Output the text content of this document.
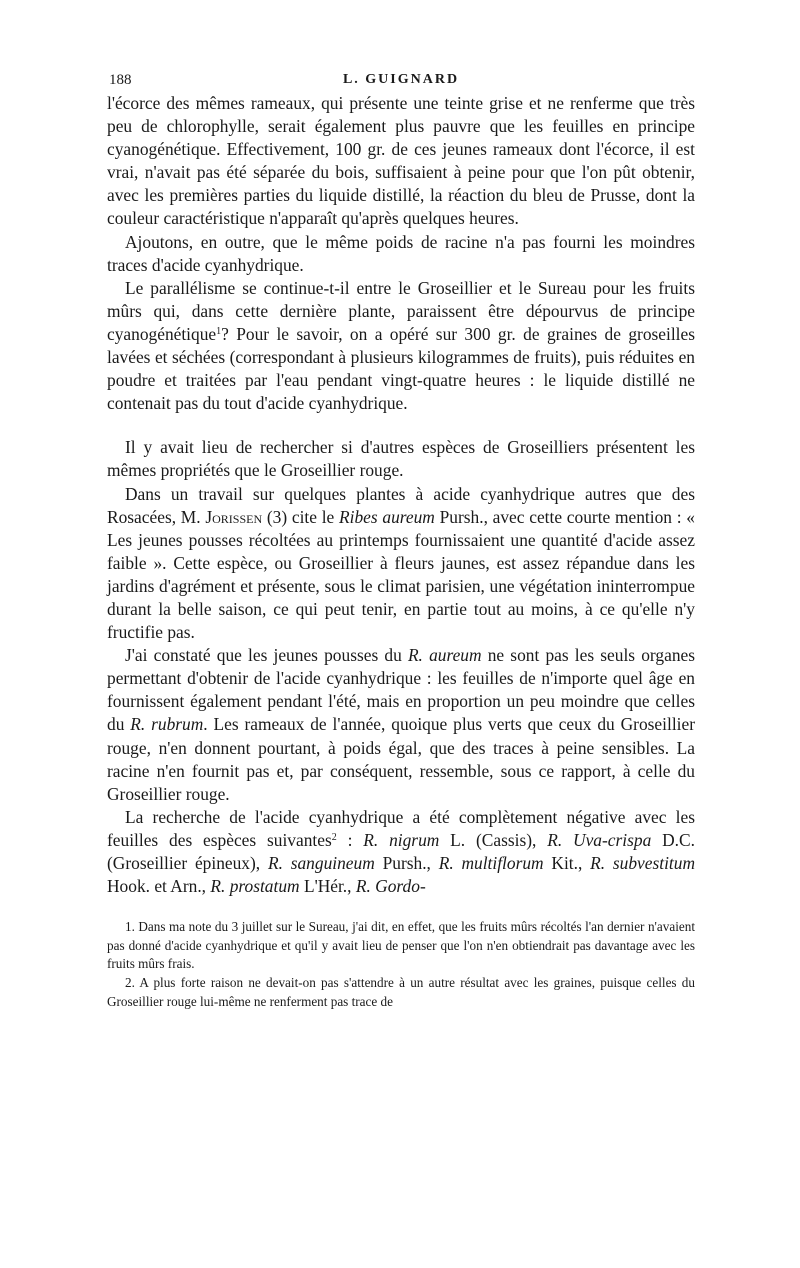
188	L. GUIGNARD

l'écorce des mêmes rameaux, qui présente une teinte grise et ne renferme que très peu de chlorophylle, serait également plus pauvre que les feuilles en principe cyanogénétique. Effectivement, 100 gr. de ces jeunes rameaux dont l'écorce, il est vrai, n'avait pas été séparée du bois, suffisaient à peine pour que l'on pût obtenir, avec les premières parties du liquide distillé, la réaction du bleu de Prusse, dont la couleur caractéristique n'apparaît qu'après quelques heures.

Ajoutons, en outre, que le même poids de racine n'a pas fourni les moindres traces d'acide cyanhydrique.

Le parallélisme se continue-t-il entre le Groseillier et le Sureau pour les fruits mûrs qui, dans cette dernière plante, paraissent être dépourvus de principe cyanogénétique$^1$? Pour le savoir, on a opéré sur 300 gr. de graines de groseilles lavées et séchées (correspondant à plusieurs kilogrammes de fruits), puis réduites en poudre et traitées par l'eau pendant vingt-quatre heures : le liquide distillé ne contenait pas du tout d'acide cyanhydrique.

Il y avait lieu de rechercher si d'autres espèces de Groseilliers présentent les mêmes propriétés que le Groseillier rouge.

Dans un travail sur quelques plantes à acide cyanhydrique autres que des Rosacées, M. Jorissen (3) cite le Ribes aureum Pursh., avec cette courte mention : « Les jeunes pousses récoltées au printemps fournissaient une quantité d'acide assez faible ». Cette espèce, ou Groseillier à fleurs jaunes, est assez répandue dans les jardins d'agrément et présente, sous le climat parisien, une végétation ininterrompue durant la belle saison, ce qui peut tenir, en partie tout au moins, à ce qu'elle n'y fructifie pas.

J'ai constaté que les jeunes pousses du R. aureum ne sont pas les seuls organes permettant d'obtenir de l'acide cyanhydrique : les feuilles de n'importe quel âge en fournissent également pendant l'été, mais en proportion un peu moindre que celles du R. rubrum. Les rameaux de l'année, quoique plus verts que ceux du Groseillier rouge, n'en donnent pourtant, à poids égal, que des traces à peine sensibles. La racine n'en fournit pas et, par conséquent, ressemble, sous ce rapport, à celle du Groseillier rouge.

La recherche de l'acide cyanhydrique a été complètement négative avec les feuilles des espèces suivantes$^2$ : R. nigrum L. (Cassis), R. Uva-crispa D.C. (Groseillier épineux), R. sanguineum Pursh., R. multiflorum Kit., R. subvestitum Hook. et Arn., R. prostatum L'Hér., R. Gordo-

1. Dans ma note du 3 juillet sur le Sureau, j'ai dit, en effet, que les fruits mûrs récoltés l'an dernier n'avaient pas donné d'acide cyanhydrique et qu'il y avait lieu de penser que l'on n'en obtiendrait pas davantage avec les fruits mûrs frais.

2. A plus forte raison ne devait-on pas s'attendre à un autre résultat avec les graines, puisque celles du Groseillier rouge lui-même ne renferment pas trace de
